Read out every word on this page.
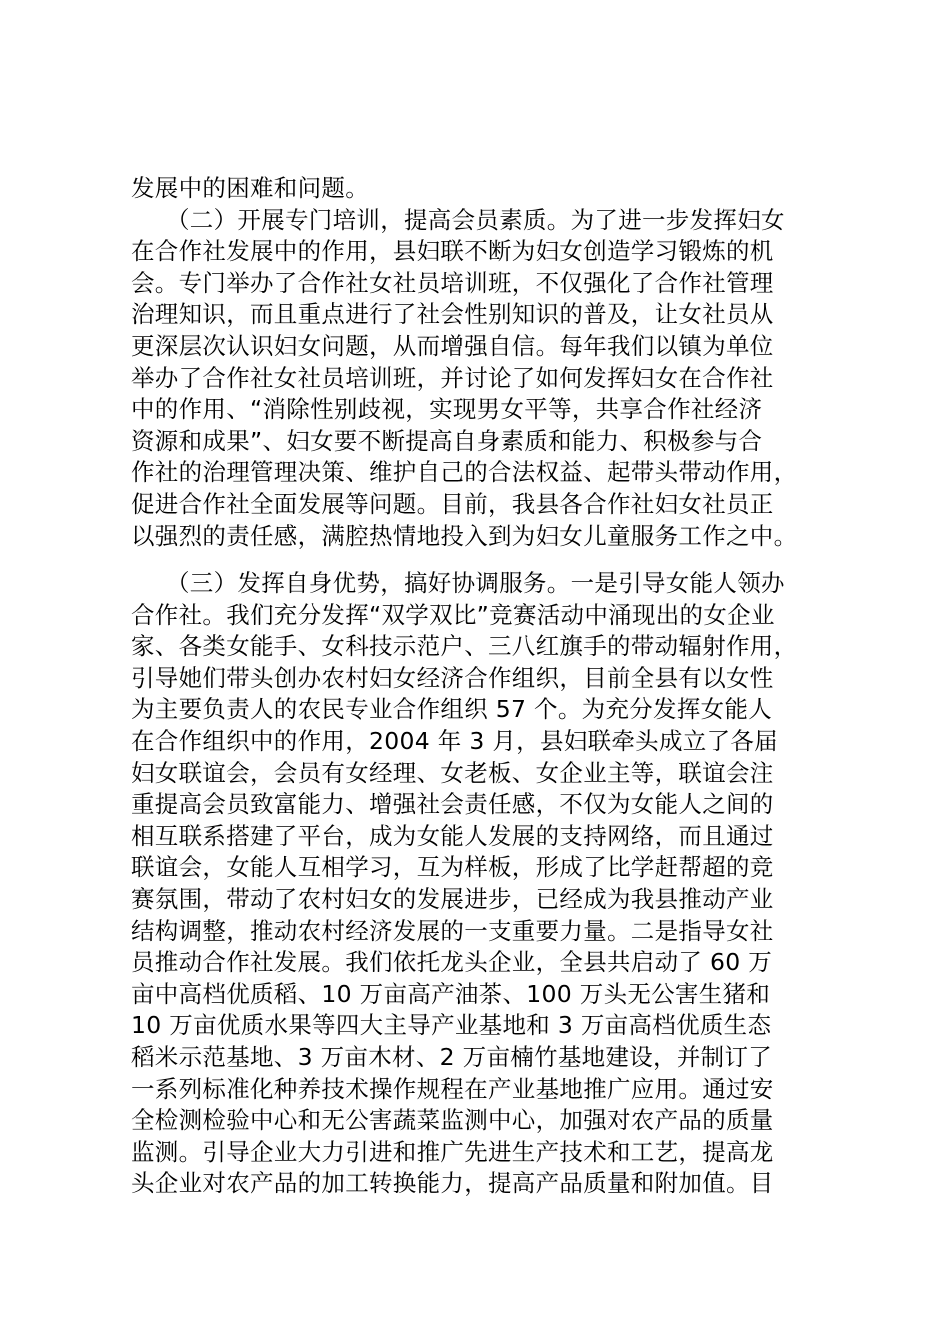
发展中的困难和问题。
（二）开展专门培训，提高会员素质。为了进一步发挥妇女
在合作社发展中的作用，县妇联不断为妇女创造学习锻炼的机
会。专门举办了合作社女社员培训班，不仅强化了合作社管理
治理知识，而且重点进行了社会性别知识的普及，让女社员从
更深层次认识妇女问题，从而增强自信。每年我们以镇为单位
举办了合作社女社员培训班，并讨论了如何发挥妇女在合作社
中的作用、“消除性别歧视，实现男女平等，共享合作社经济
资源和成果”、妇女要不断提高自身素质和能力、积极参与合
作社的治理管理决策、维护自己的合法权益、起带头带动作用，
促进合作社全面发展等问题。目前，我县各合作社妇女社员正
以强烈的责任感，满腔热情地投入到为妇女儿童服务工作之中。
（三）发挥自身优势，搞好协调服务。一是引导女能人领办
合作社。我们充分发挥“双学双比”竞赛活动中涌现出的女企业
家、各类女能手、女科技示范户、三八红旗手的带动辐射作用，
引导她们带头创办农村妇女经济合作组织，目前全县有以女性
为主要负责人的农民专业合作组织 57 个。为充分发挥女能人
在合作组织中的作用，2004 年 3 月，县妇联牵头成立了各届
妇女联谊会，会员有女经理、女老板、女企业主等，联谊会注
重提高会员致富能力、增强社会责任感，不仅为女能人之间的
相互联系搭建了平台，成为女能人发展的支持网络，而且通过
联谊会，女能人互相学习，互为样板，形成了比学赶帮超的竞
赛氛围，带动了农村妇女的发展进步，已经成为我县推动产业
结构调整，推动农村经济发展的一支重要力量。二是指导女社
员推动合作社发展。我们依托龙头企业，全县共启动了 60 万
亩中高档优质稻、10 万亩高产油茶、100 万头无公害生猪和
10 万亩优质水果等四大主导产业基地和 3 万亩高档优质生态
稻米示范基地、3 万亩木材、2 万亩楠竹基地建设，并制订了
一系列标准化种养技术操作规程在产业基地推广应用。通过安
全检测检验中心和无公害蔬菜监测中心，加强对农产品的质量
监测。引导企业大力引进和推广先进生产技术和工艺，提高龙
头企业对农产品的加工转换能力，提高产品质量和附加值。目
